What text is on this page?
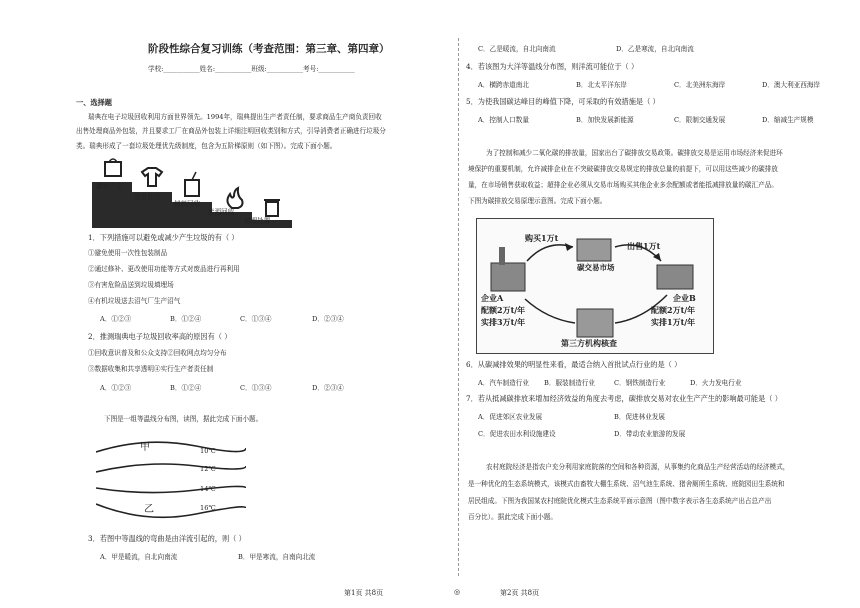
阶段性综合复习训练（考查范围：第三章、第四章）
学校:___________姓名:___________班级:___________考号:___________
一、选择题
瑞典在电子垃圾回收利用方面世界领先。1994年，瑞典提出生产者责任制，要求商品生产商负责回收
出售处理商品外包装，并且要求工厂在商品外包装上详细注明回收类别和方式，引导消费者正确进行垃圾分
类。瑞典形成了一套垃圾处理优先级制度，包含为五阶梯原则（如下图）。完成下面小题。
避免产生
重复使用
材料回收
能源回收
填埋处置
1．下列措施可以避免或减少产生垃圾的有（ ）
①避免使用一次性包装制品
②通过修补、更改使用功能等方式对废品进行再利用
③有害危险品送到垃圾填埋场
④有机垃圾送去沼气厂生产沼气
A．①②③	B．①②④	C．①③④	D．②③④
2．推测瑞典电子垃圾回收率高的原因有（ ）
①回收意识普及和公众支持②回收网点均匀分布
③数据收集和共享透明④实行生产者责任制
A．①②③	B．①②④	C．①③④	D．②③④
下图是一组等温线分布图，读图，据此完成下面小题。
甲
乙
10℃
12℃
14℃
16℃
3．若图中等温线的弯曲是由洋流引起的，则（ ）
A．甲是暖流，自北向南流	B．甲是寒流，自南向北流
C．乙是暖流，自北向南流	D．乙是寒流，自北向南流
4．若该图为大洋等温线分布图，则洋流可能位于（ ）
A．横跨赤道南北	B．北太平洋东岸	C．北美洲东海岸	D．澳大利亚西海岸
5．为使我国碳达峰目的峰值下降，可采取的有效措施是（ ）
A．控制人口数量	B．加快发展新能源	C．限制交通发展	D．缩减生产规模
为了控制和减少二氧化碳的排放量，国家出台了碳排放交易政策。碳排放交易是运用市场经济来促进环
境保护的重要机制，允许减排企业在不突破碳排放交易规定的排放总量的前提下，可以用这些减少的碳排放
量，在市场销售获取收益；超排企业必须从交易市场购买其他企业多余配额或者能抵减排放量的碳汇产品。
下图为碳排放交易原理示意图。完成下面小题。
购买1万t
出售1万t
碳交易市场
企业A
配额2万t/年
实排3万t/年
企业B
配额2万t/年
实排1万t/年
第三方机构核查
6．从碳减排效果的明显性来看，最适合纳入首批试点行业的是（ ）
A．汽车制造行业 B．服装制造行业	C．钢铁制造行业	D．火力发电行业
7．若从抵减碳排放来增加经济效益的角度去考虑，碳排放交易对农业生产产生的影响最可能是（ ）
A．促进郊区农业发展	B．促进林业发展
C．促进农田水利设施建设	D．带动农业旅游的发展
农村庭院经济是指农户充分利用家庭院落的空间和各种资源，从事集约化商品生产经营活动的经济模式，
是一种优化的生态系统模式，该模式由畜牧大棚生系统、沼气池生系统、猪舍厕所生系统、庭院园田生系统和
居民组成。下图为我国某农村庭院优化模式生态系统平面示意图（图中数字表示各生态系统产出占总产出
百分比）。据此完成下面小题。
第1页 共8页	◎	第2页 共8页
